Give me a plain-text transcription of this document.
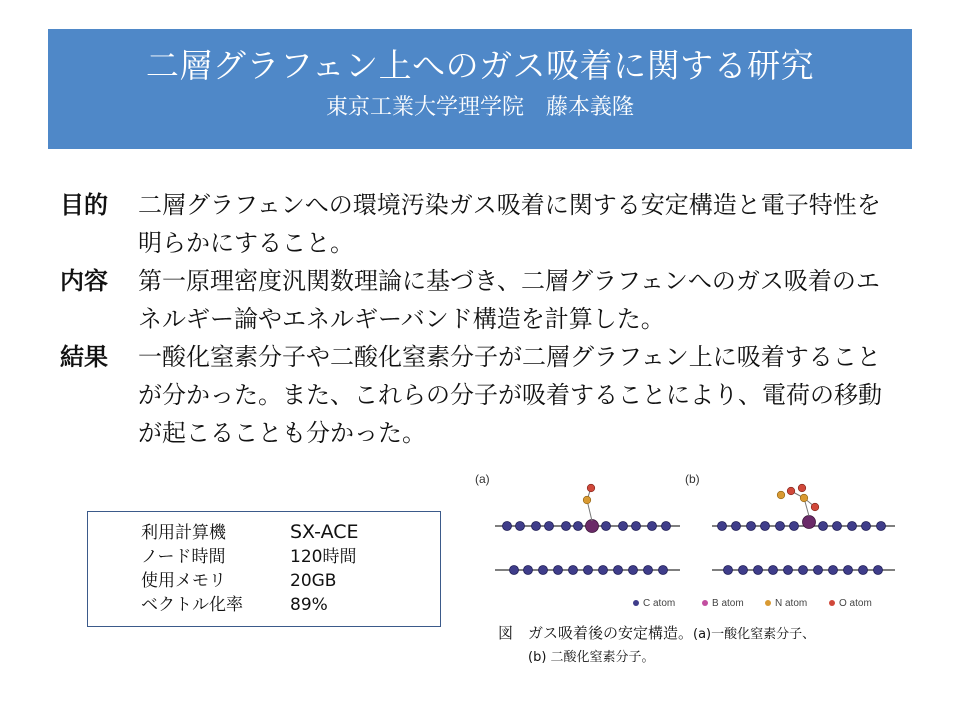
二層グラフェン上へのガス吸着に関する研究
東京工業大学理学院　藤本義隆
目的	二層グラフェンへの環境汚染ガス吸着に関する安定構造と電子特性を明らかにすること。
内容	第一原理密度汎関数理論に基づき、二層グラフェンへのガス吸着のエネルギー論やエネルギーバンド構造を計算した。
結果	一酸化窒素分子や二酸化窒素分子が二層グラフェン上に吸着することが分かった。また、これらの分子が吸着することにより、電荷の移動が起こることも分かった。
利用計算機	SX-ACE
ノード時間	120時間
使用メモリ	20GB
ベクトル化率	89%
(a)	(b)
C atom	B atom	N atom	O atom
図　ガス吸着後の安定構造。(a)一酸化窒素分子、
(b) 二酸化窒素分子。
